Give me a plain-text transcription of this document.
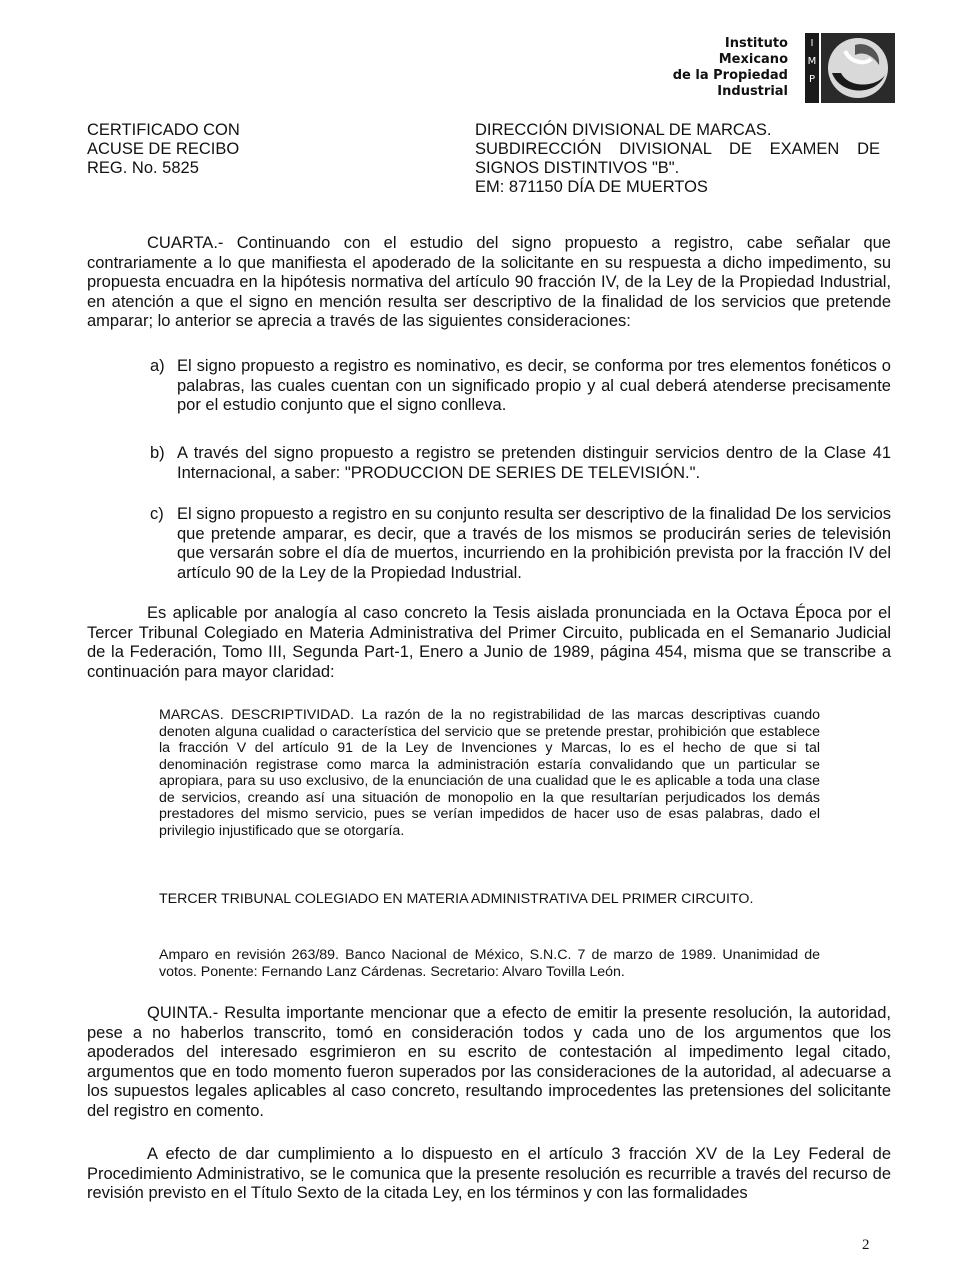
Instituto
Mexicano
de la Propiedad
Industrial
I
M
P
CERTIFICADO CON
ACUSE DE RECIBO
REG. No. 5825
DIRECCIÓN DIVISIONAL DE MARCAS.
SUBDIRECCIÓN DIVISIONAL DE EXAMEN DE
SIGNOS DISTINTIVOS "B".
EM: 871150 DÍA DE MUERTOS

CUARTA.- Continuando con el estudio del signo propuesto a registro, cabe señalar que contrariamente a lo que manifiesta el apoderado de la solicitante en su respuesta a dicho impedimento, su propuesta encuadra en la hipótesis normativa del artículo 90 fracción IV, de la Ley de la Propiedad Industrial, en atención a que el signo en mención resulta ser descriptivo de la finalidad de los servicios que pretende amparar; lo anterior se aprecia a través de las siguientes consideraciones:

a) El signo propuesto a registro es nominativo, es decir, se conforma por tres elementos fonéticos o palabras, las cuales cuentan con un significado propio y al cual deberá atenderse precisamente por el estudio conjunto que el signo conlleva.
b) A través del signo propuesto a registro se pretenden distinguir servicios dentro de la Clase 41 Internacional, a saber: "PRODUCCION DE SERIES DE TELEVISIÓN.".
c) El signo propuesto a registro en su conjunto resulta ser descriptivo de la finalidad De los servicios que pretende amparar, es decir, que a través de los mismos se producirán series de televisión que versarán sobre el día de muertos, incurriendo en la prohibición prevista por la fracción IV del artículo 90 de la Ley de la Propiedad Industrial.

Es aplicable por analogía al caso concreto la Tesis aislada pronunciada en la Octava Época por el Tercer Tribunal Colegiado en Materia Administrativa del Primer Circuito, publicada en el Semanario Judicial de la Federación, Tomo III, Segunda Part-1, Enero a Junio de 1989, página 454, misma que se transcribe a continuación para mayor claridad:

MARCAS. DESCRIPTIVIDAD. La razón de la no registrabilidad de las marcas descriptivas cuando denoten alguna cualidad o característica del servicio que se pretende prestar, prohibición que establece la fracción V del artículo 91 de la Ley de Invenciones y Marcas, lo es el hecho de que si tal denominación registrase como marca la administración estaría convalidando que un particular se apropiara, para su uso exclusivo, de la enunciación de una cualidad que le es aplicable a toda una clase de servicios, creando así una situación de monopolio en la que resultarían perjudicados los demás prestadores del mismo servicio, pues se verían impedidos de hacer uso de esas palabras, dado el privilegio injustificado que se otorgaría.
TERCER TRIBUNAL COLEGIADO EN MATERIA ADMINISTRATIVA DEL PRIMER CIRCUITO.
Amparo en revisión 263/89. Banco Nacional de México, S.N.C. 7 de marzo de 1989. Unanimidad de votos. Ponente: Fernando Lanz Cárdenas. Secretario: Alvaro Tovilla León.

QUINTA.- Resulta importante mencionar que a efecto de emitir la presente resolución, la autoridad, pese a no haberlos transcrito, tomó en consideración todos y cada uno de los argumentos que los apoderados del interesado esgrimieron en su escrito de contestación al impedimento legal citado, argumentos que en todo momento fueron superados por las consideraciones de la autoridad, al adecuarse a los supuestos legales aplicables al caso concreto, resultando improcedentes las pretensiones del solicitante del registro en comento.

A efecto de dar cumplimiento a lo dispuesto en el artículo 3 fracción XV de la Ley Federal de Procedimiento Administrativo, se le comunica que la presente resolución es recurrible a través del recurso de revisión previsto en el Título Sexto de la citada Ley, en los términos y con las formalidades

2
